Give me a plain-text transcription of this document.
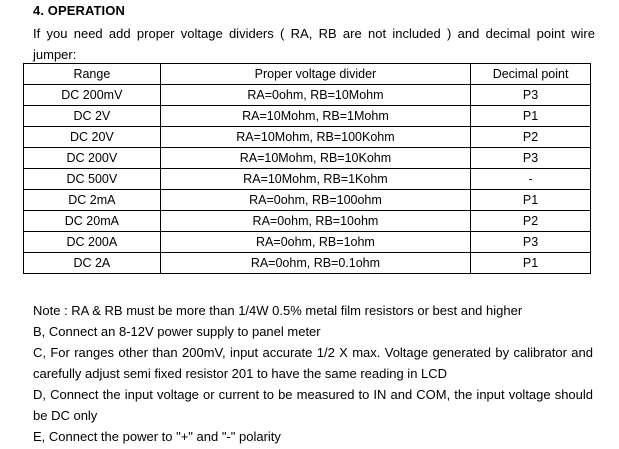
4. OPERATION
If you need add proper voltage dividers ( RA, RB are not included ) and decimal point wire jumper:
Range	Proper voltage divider	Decimal point
DC 200mV	RA=0ohm, RB=10Mohm	P3
DC 2V	RA=10Mohm, RB=1Mohm	P1
DC 20V	RA=10Mohm, RB=100Kohm	P2
DC 200V	RA=10Mohm, RB=10Kohm	P3
DC 500V	RA=10Mohm, RB=1Kohm	-
DC 2mA	RA=0ohm, RB=100ohm	P1
DC 20mA	RA=0ohm, RB=10ohm	P2
DC 200A	RA=0ohm, RB=1ohm	P3
DC 2A	RA=0ohm, RB=0.1ohm	P1

Note : RA & RB must be more than 1/4W 0.5% metal film resistors or best and higher

B, Connect an 8-12V power supply to panel meter

C, For ranges other than 200mV, input accurate 1/2 X max. Voltage generated by calibrator and carefully adjust semi fixed resistor 201 to have the same reading in LCD

D, Connect the input voltage or current to be measured to IN and COM, the input voltage should be DC only

E, Connect the power to "+" and "-" polarity
